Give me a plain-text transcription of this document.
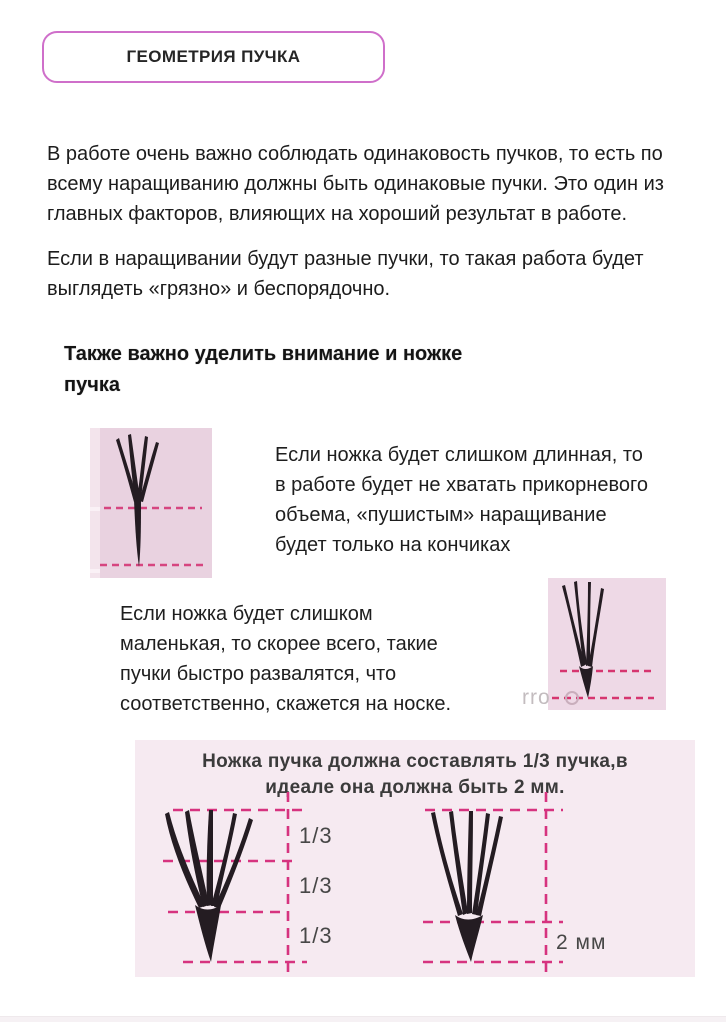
ГЕОМЕТРИЯ ПУЧКА
В работе очень важно соблюдать одинаковость пучков, то есть по всему наращиванию должны быть одинаковые пучки. Это один из главных факторов, влияющих на хороший результат в работе.
Если в наращивании будут разные пучки, то такая работа будет выглядеть «грязно» и беспорядочно.
Также важно уделить внимание и ножке пучка
Если ножка будет слишком длинная, то в работе будет не хватать прикорневого объема, «пушистым» наращивание будет только на кончиках
Если ножка будет слишком маленькая, то скорее всего, такие пучки быстро развалятся, что соответственно, скажется на носке.	rro
Ножка пучка должна составлять 1/3 пучка,в
идеале она должна быть 2 мм.
1/3
1/3
1/3	2 мм
